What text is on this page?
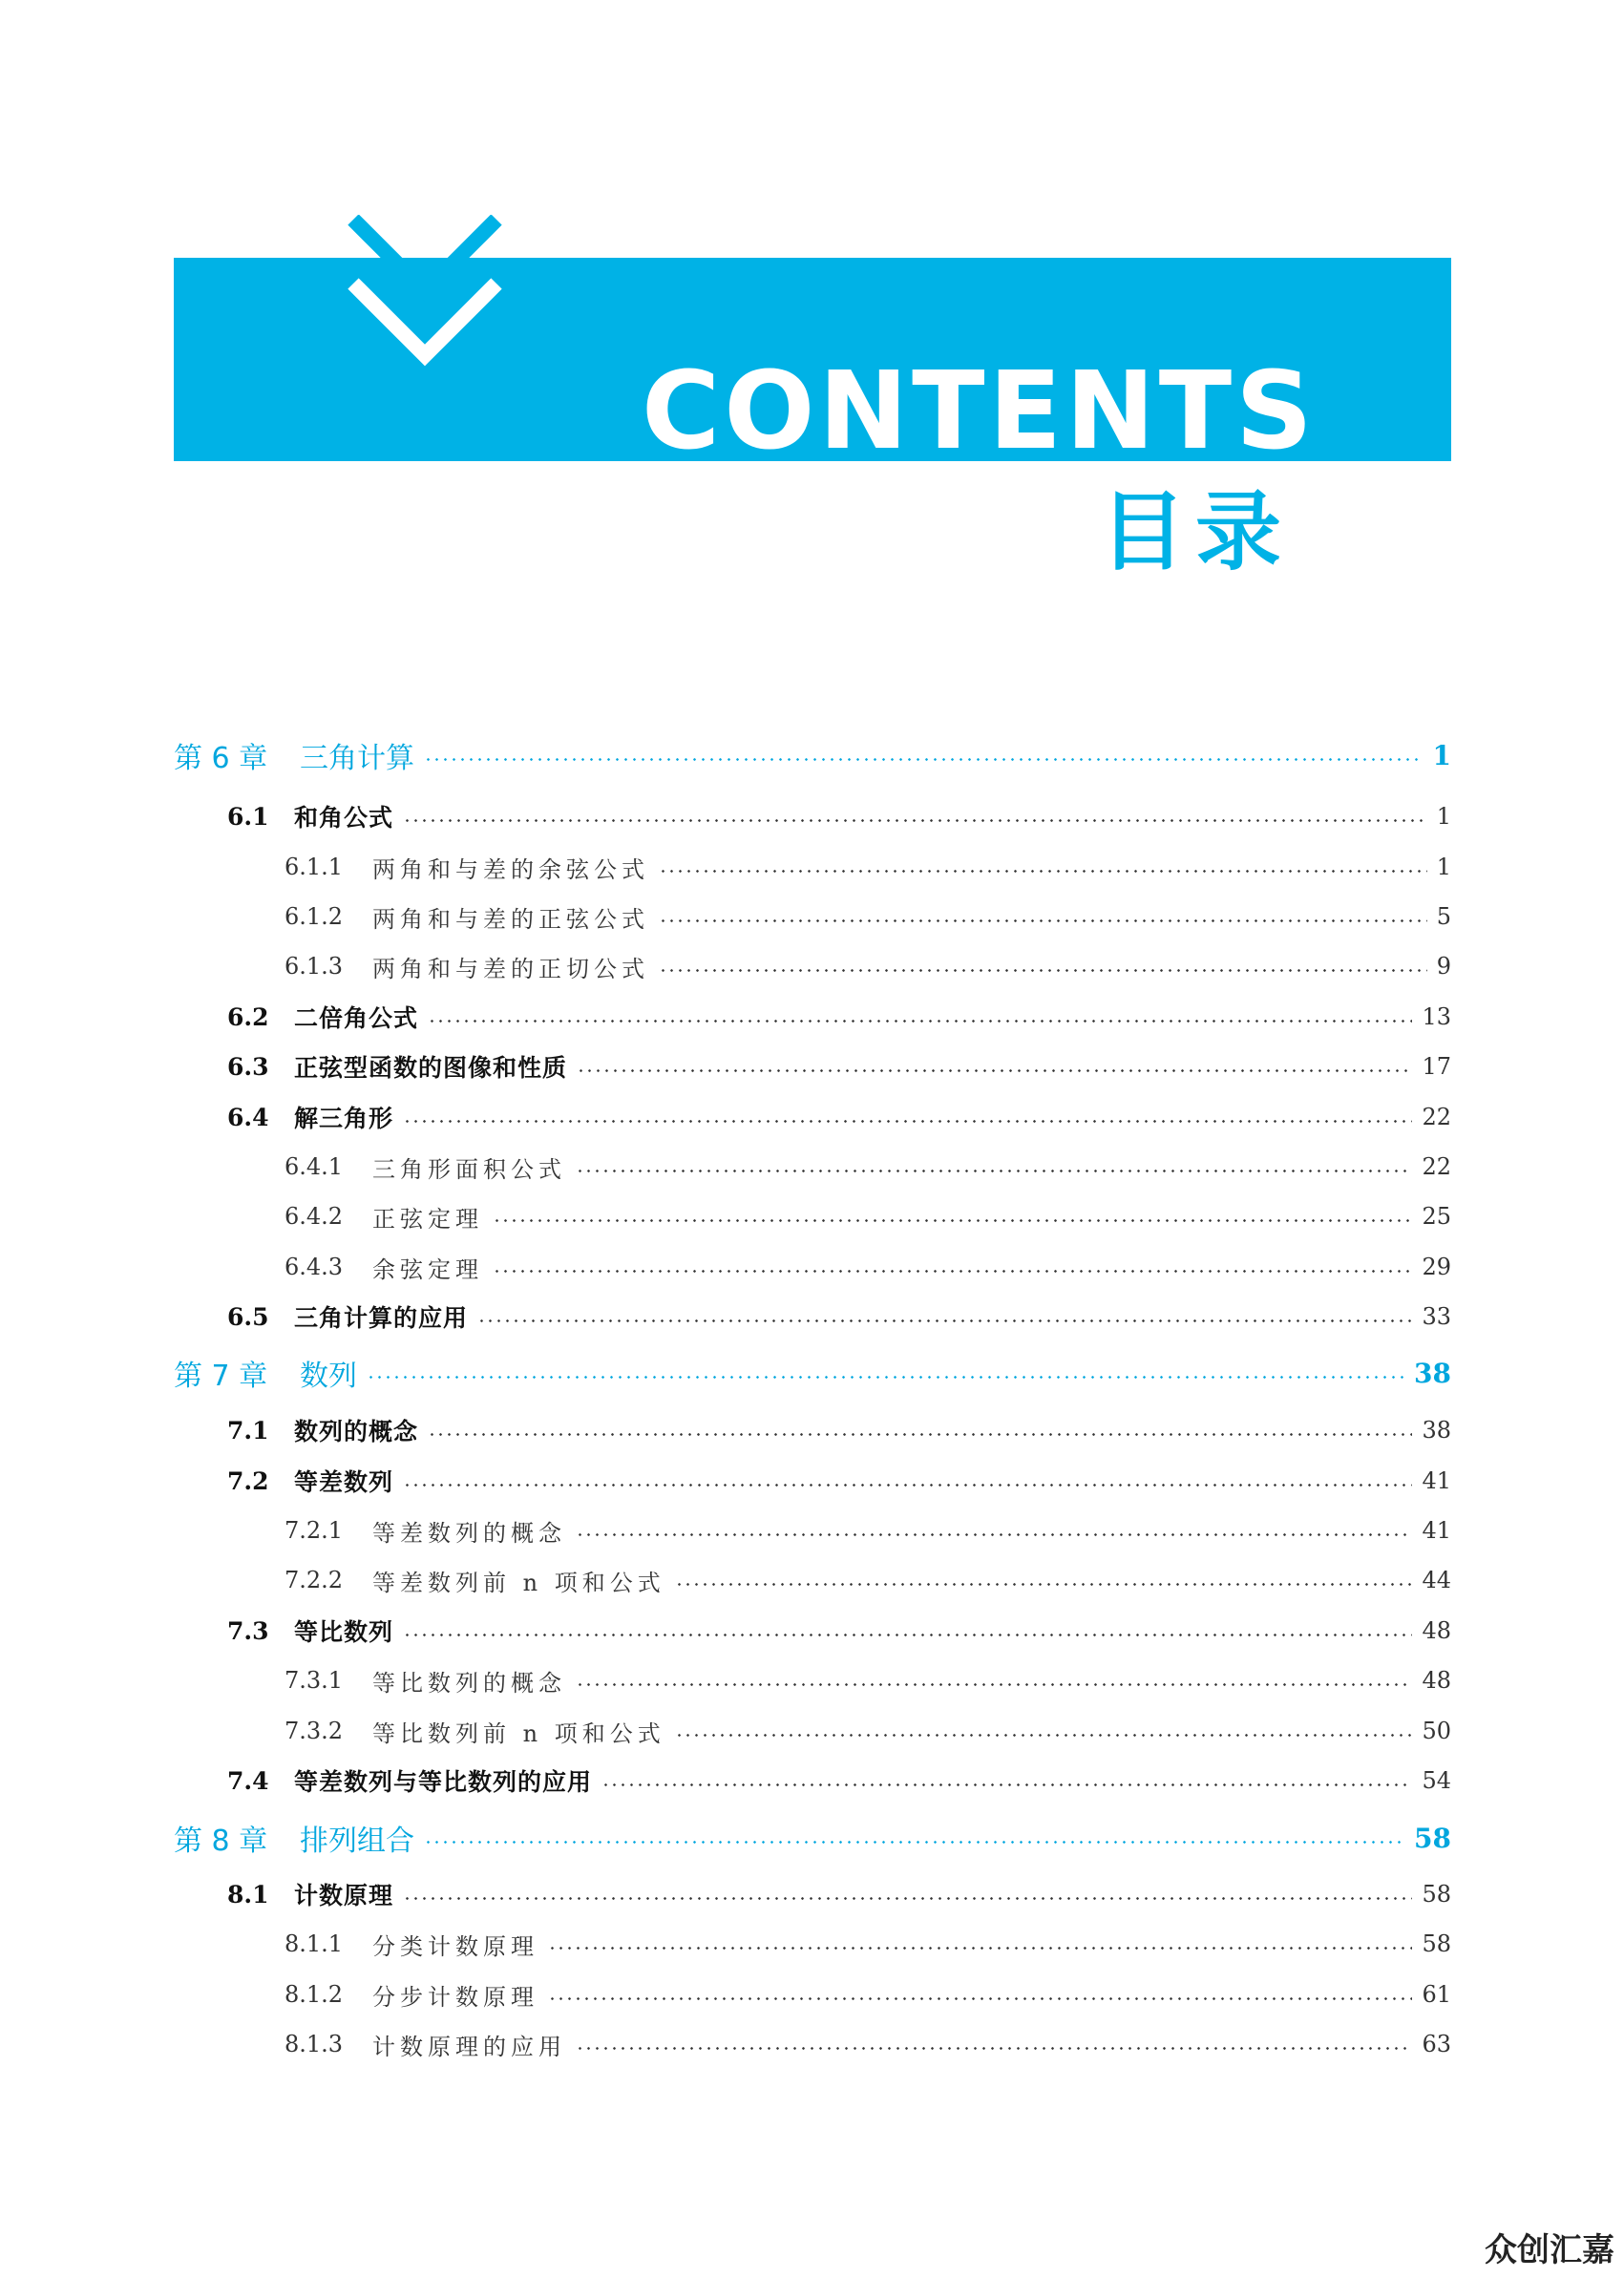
CONTENTS
目录
第 6 章	三角计算	1
6.1	和角公式	1
6.1.1	两角和与差的余弦公式	1
6.1.2	两角和与差的正弦公式	5
6.1.3	两角和与差的正切公式	9
6.2	二倍角公式	13
6.3	正弦型函数的图像和性质	17
6.4	解三角形	22
6.4.1	三角形面积公式	22
6.4.2	正弦定理	25
6.4.3	余弦定理	29
6.5	三角计算的应用	33
第 7 章	数列	38
7.1	数列的概念	38
7.2	等差数列	41
7.2.1	等差数列的概念	41
7.2.2	等差数列前 n 项和公式	44
7.3	等比数列	48
7.3.1	等比数列的概念	48
7.3.2	等比数列前 n 项和公式	50
7.4	等差数列与等比数列的应用	54
第 8 章	排列组合	58
8.1	计数原理	58
8.1.1	分类计数原理	58
8.1.2	分步计数原理	61
8.1.3	计数原理的应用	63
众创汇嘉
